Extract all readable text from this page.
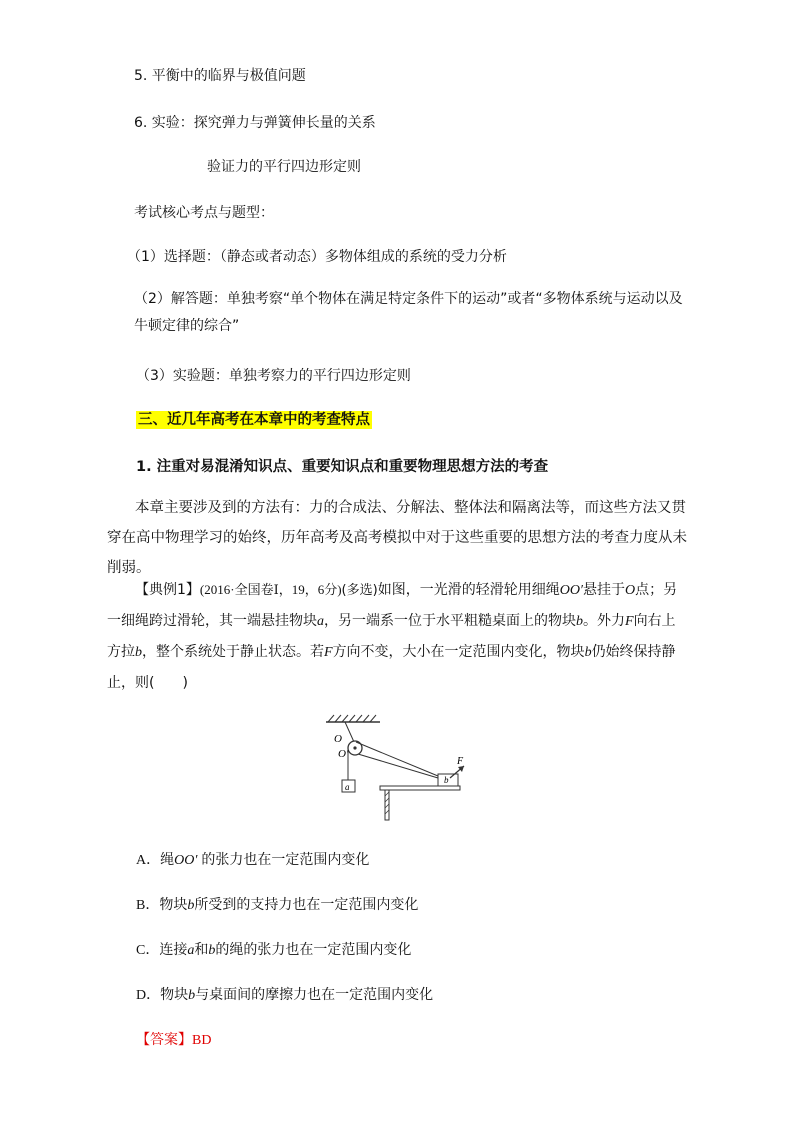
5. 平衡中的临界与极值问题
6. 实验：探究弹力与弹簧伸长量的关系
验证力的平行四边形定则
考试核心考点与题型：
（1）选择题：（静态或者动态）多物体组成的系统的受力分析
（2）解答题：单独考察“单个物体在满足特定条件下的运动”或者“多物体系统与运动以及牛顿定律的综合”
（3）实验题：单独考察力的平行四边形定则
三、近几年高考在本章中的考查特点
1. 注重对易混淆知识点、重要知识点和重要物理思想方法的考查
本章主要涉及到的方法有：力的合成法、分解法、整体法和隔离法等，而这些方法又贯穿在高中物理学习的始终，历年高考及高考模拟中对于这些重要的思想方法的考查力度从未削弱。
【典例1】(2016·全国卷Ⅰ，19，6分)(多选)如图，一光滑的轻滑轮用细绳OO′悬挂于O点；另一细绳跨过滑轮，其一端悬挂物块a，另一端系一位于水平粗糙桌面上的物块b。外力F向右上方拉b，整个系统处于静止状态。若F方向不变，大小在一定范围内变化，物块b仍始终保持静止，则(　　)
O
O′
a
b
F
A．绳OO′ 的张力也在一定范围内变化
B．物块b所受到的支持力也在一定范围内变化
C．连接a和b的绳的张力也在一定范围内变化
D．物块b与桌面间的摩擦力也在一定范围内变化
【答案】BD
